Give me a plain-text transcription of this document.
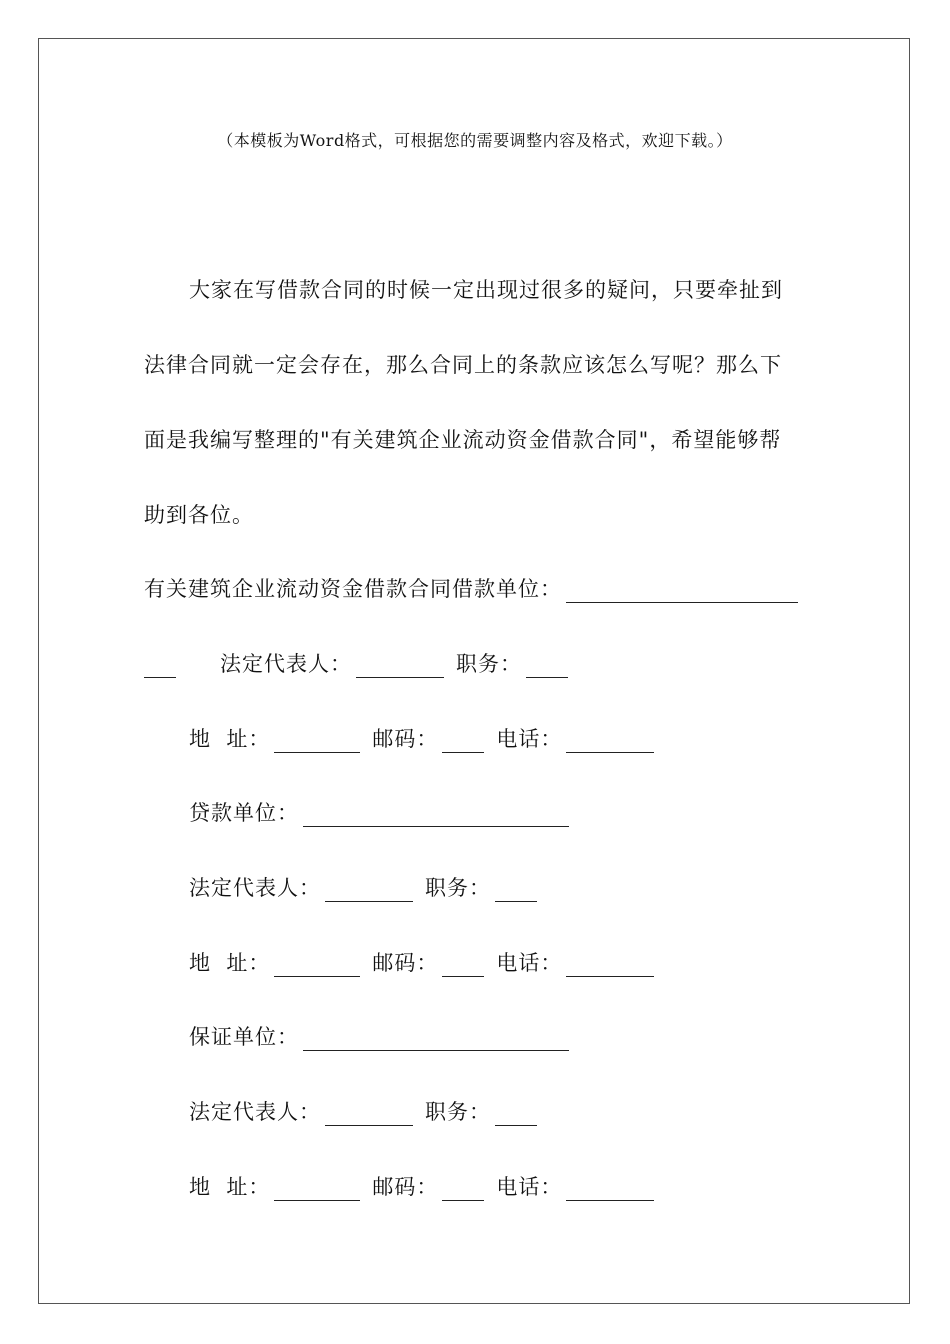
（本模板为Word格式，可根据您的需要调整内容及格式，欢迎下载。）
大家在写借款合同的时候一定出现过很多的疑问，只要牵扯到
法律合同就一定会存在，那么合同上的条款应该怎么写呢？那么下
面是我编写整理的"有关建筑企业流动资金借款合同"，希望能够帮
助到各位。
有关建筑企业流动资金借款合同借款单位：
法定代表人：	职务：
地  址：	邮码：	电话：
贷款单位：
法定代表人：	职务：
地  址：	邮码：	电话：
保证单位：
法定代表人：	职务：
地  址：	邮码：	电话：
